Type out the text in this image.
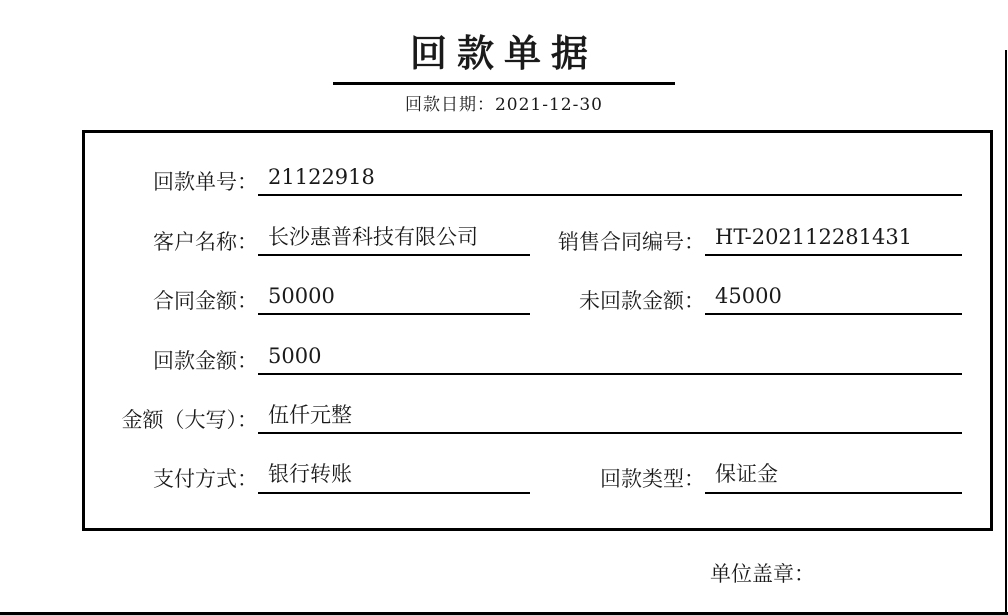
回款单据
回款日期：2021-12-30
回款单号： 21122918
客户名称： 长沙惠普科技有限公司	销售合同编号： HT-202112281431
合同金额： 50000	未回款金额： 45000
回款金额： 5000
金额（大写）： 伍仟元整
支付方式： 银行转账	回款类型： 保证金
单位盖章：
